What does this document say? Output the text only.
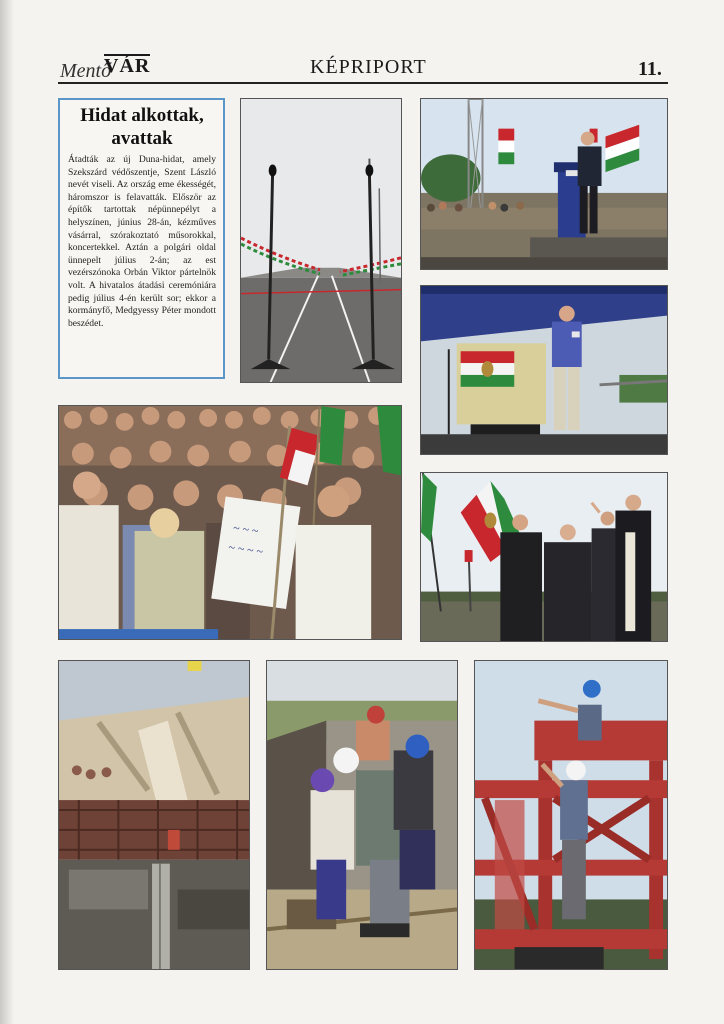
Mentő
VÁR	KÉPRIPORT	11.
Hidat alkottak, avattak

Átadták az új Duna-hidat, amely Szekszárd védőszentje, Szent László nevét viseli. Az ország eme ékességét, háromszor is felavatták. Először az építők tartottak népünnepélyt a helyszínen, június 28-án, kézműves vásárral, szórakoztató műsorokkal, koncertekkel. Aztán a polgári oldal ünnepelt július 2-án; az est vezérszónoka Orbán Viktor pártelnök volt. A hivatalos átadási ceremóniára pedig július 4-én került sor; ekkor a kormányfő, Medgyessy Péter mondott beszédet.

~ ~ ~
~ ~ ~ ~
